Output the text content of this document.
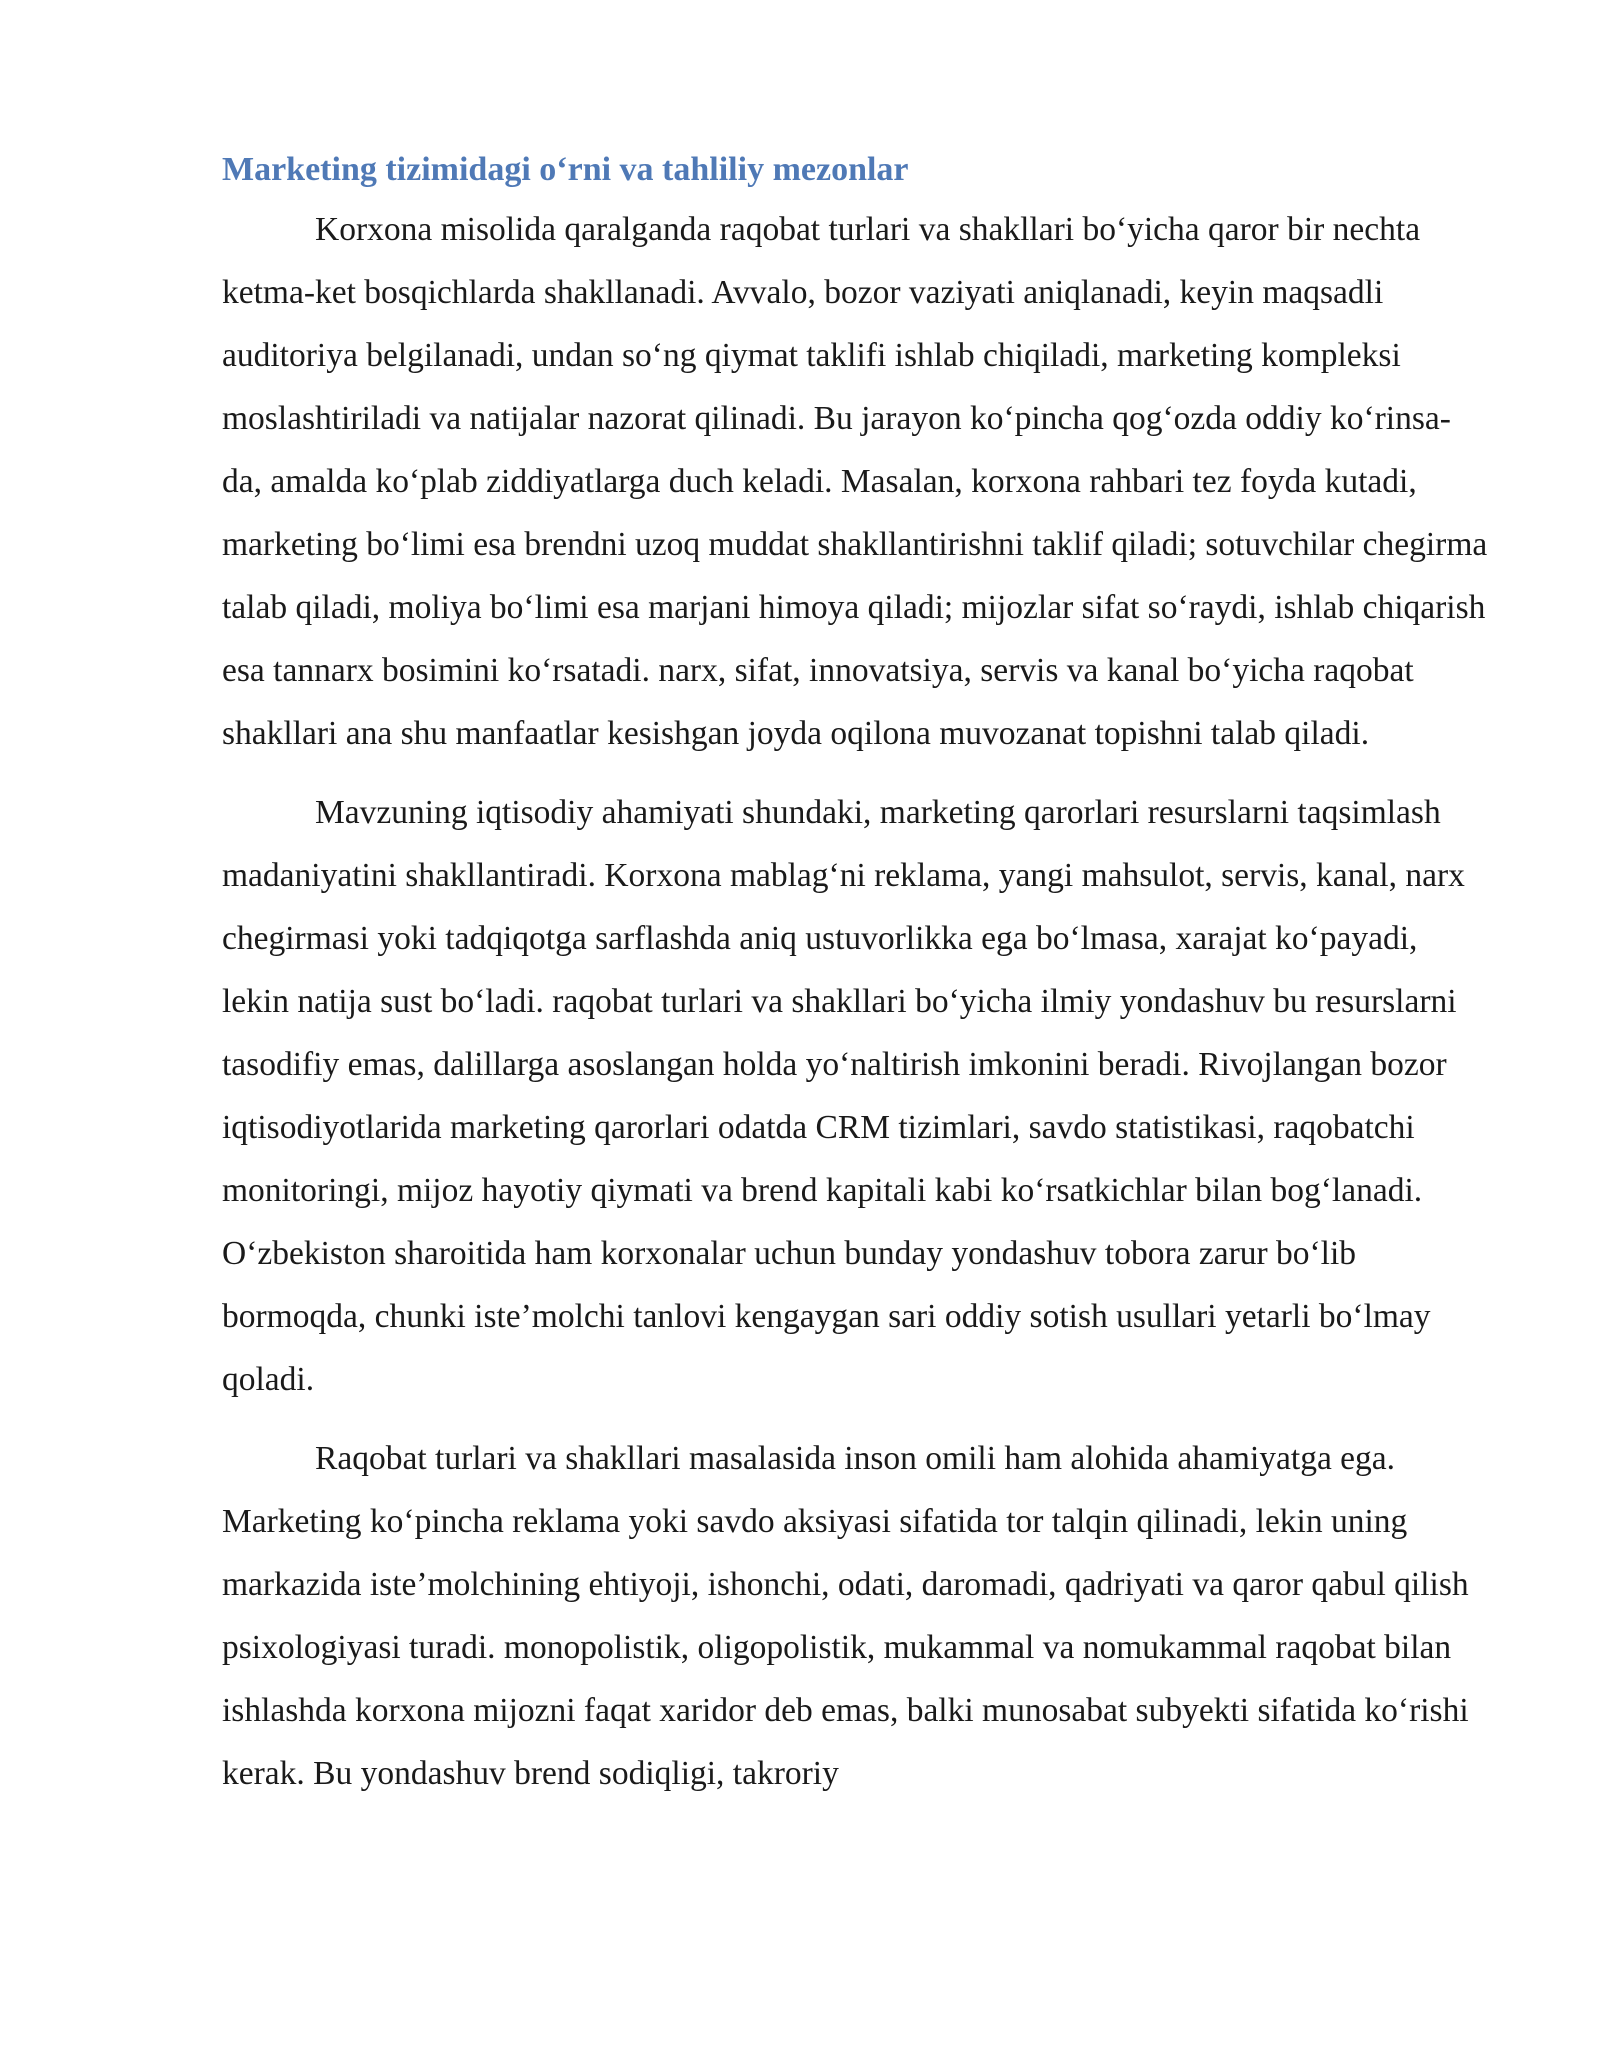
Marketing tizimidagi o‘rni va tahliliy mezonlar

Korxona misolida qaralganda raqobat turlari va shakllari bo‘yicha qaror bir nechta ketma-ket bosqichlarda shakllanadi. Avvalo, bozor vaziyati aniqlanadi, keyin maqsadli auditoriya belgilanadi, undan so‘ng qiymat taklifi ishlab chiqiladi, marketing kompleksi moslashtiriladi va natijalar nazorat qilinadi. Bu jarayon ko‘pincha qog‘ozda oddiy ko‘rinsa-da, amalda ko‘plab ziddiyatlarga duch keladi. Masalan, korxona rahbari tez foyda kutadi, marketing bo‘limi esa brendni uzoq muddat shakllantirishni taklif qiladi; sotuvchilar chegirma talab qiladi, moliya bo‘limi esa marjani himoya qiladi; mijozlar sifat so‘raydi, ishlab chiqarish esa tannarx bosimini ko‘rsatadi. narx, sifat, innovatsiya, servis va kanal bo‘yicha raqobat shakllari ana shu manfaatlar kesishgan joyda oqilona muvozanat topishni talab qiladi.

Mavzuning iqtisodiy ahamiyati shundaki, marketing qarorlari resurslarni taqsimlash madaniyatini shakllantiradi. Korxona mablag‘ni reklama, yangi mahsulot, servis, kanal, narx chegirmasi yoki tadqiqotga sarflashda aniq ustuvorlikka ega bo‘lmasa, xarajat ko‘payadi, lekin natija sust bo‘ladi. raqobat turlari va shakllari bo‘yicha ilmiy yondashuv bu resurslarni tasodifiy emas, dalillarga asoslangan holda yo‘naltirish imkonini beradi. Rivojlangan bozor iqtisodiyotlarida marketing qarorlari odatda CRM tizimlari, savdo statistikasi, raqobatchi monitoringi, mijoz hayotiy qiymati va brend kapitali kabi ko‘rsatkichlar bilan bog‘lanadi. O‘zbekiston sharoitida ham korxonalar uchun bunday yondashuv tobora zarur bo‘lib bormoqda, chunki iste’molchi tanlovi kengaygan sari oddiy sotish usullari yetarli bo‘lmay qoladi.

Raqobat turlari va shakllari masalasida inson omili ham alohida ahamiyatga ega. Marketing ko‘pincha reklama yoki savdo aksiyasi sifatida tor talqin qilinadi, lekin uning markazida iste’molchining ehtiyoji, ishonchi, odati, daromadi, qadriyati va qaror qabul qilish psixologiyasi turadi. monopolistik, oligopolistik, mukammal va nomukammal raqobat bilan ishlashda korxona mijozni faqat xaridor deb emas, balki munosabat subyekti sifatida ko‘rishi kerak. Bu yondashuv brend sodiqligi, takroriy
